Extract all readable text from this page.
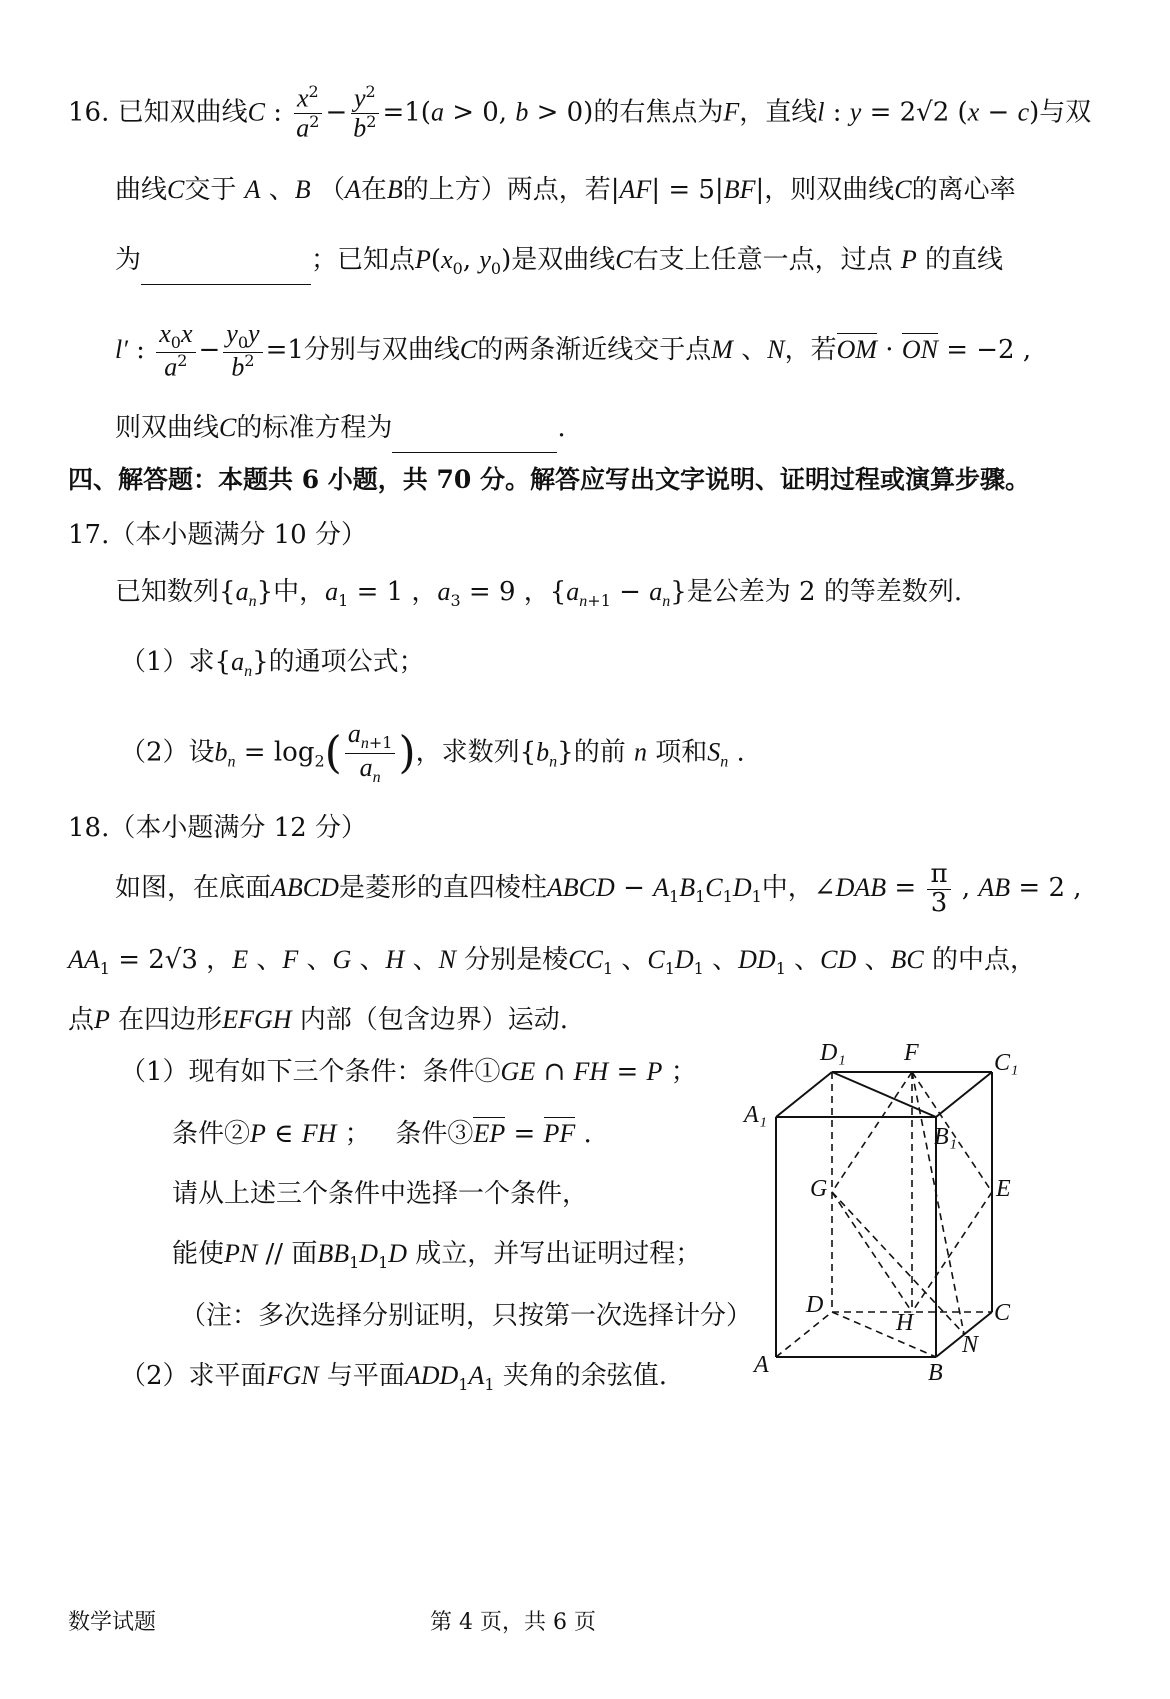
16. 已知双曲线C : $\frac{x^2}{a^2} - \frac{y^2}{b^2} =1(a > 0$, b > 0)的右焦点为F，直线l : y = 2√2 (x − c)与双
曲线C交于 A 、B （A在B的上方）两点，若|AF| = 5|BF|，则双曲线C的离心率
为	；已知点$P(x_0$, $y_0$)是双曲线C右支上任意一点，过点 P 的直线
l′ : $\frac{x_0x}{a^2} - \frac{y_0y}{b^2} =1$分别与双曲线C的两条渐近线交于点M 、N，若OM · ON = −2 ,
则双曲线C的标准方程为	.
四、解答题：本题共 6 小题，共 70 分。解答应写出文字说明、证明过程或演算步骤。
17.（本小题满分 10 分）
已知数列$\{a_n\}$中，$a_1 = 1$ ，$a_3 = 9$ ，$\{a_{n+1} - a_n\}$是公差为 2 的等差数列.
（1）求$\{a_n\}$的通项公式；
（2）设$b_n = \log_2( \frac{a_{n+1}}{a_n}$ )，求数列$\{b_n\}$的前 n 项和$S_n$ .
18.（本小题满分 12 分）
如图，在底面ABCD是菱形的直四棱柱ABCD − $A_1B_1C_1D_1$中，∠DAB = $\frac{\pi}{3}$ , AB = 2 ,
$AA_1 = 2√3$ ，E 、F 、G 、H 、N 分别是棱$CC_1$ 、$C_1D_1$ 、$DD_1$ 、CD 、BC 的中点，
点P 在四边形EFGH 内部（包含边界）运动.
（1）现有如下三个条件：条件①GE ∩ FH = P ；
条件②P ∈ FH ；   条件③EP = PF .
请从上述三个条件中选择一个条件，
能使PN // 面$BB_1D_1D$ 成立，并写出证明过程；
（注：多次选择分别证明，只按第一次选择计分）
（2）求平面FGN 与平面$ADD_1A_1$ 夹角的余弦值.
D₁ F	C₁
A₁
B₁
G	E
D
H	C
N
A	B
数学试题	第 4 页，共 6 页
